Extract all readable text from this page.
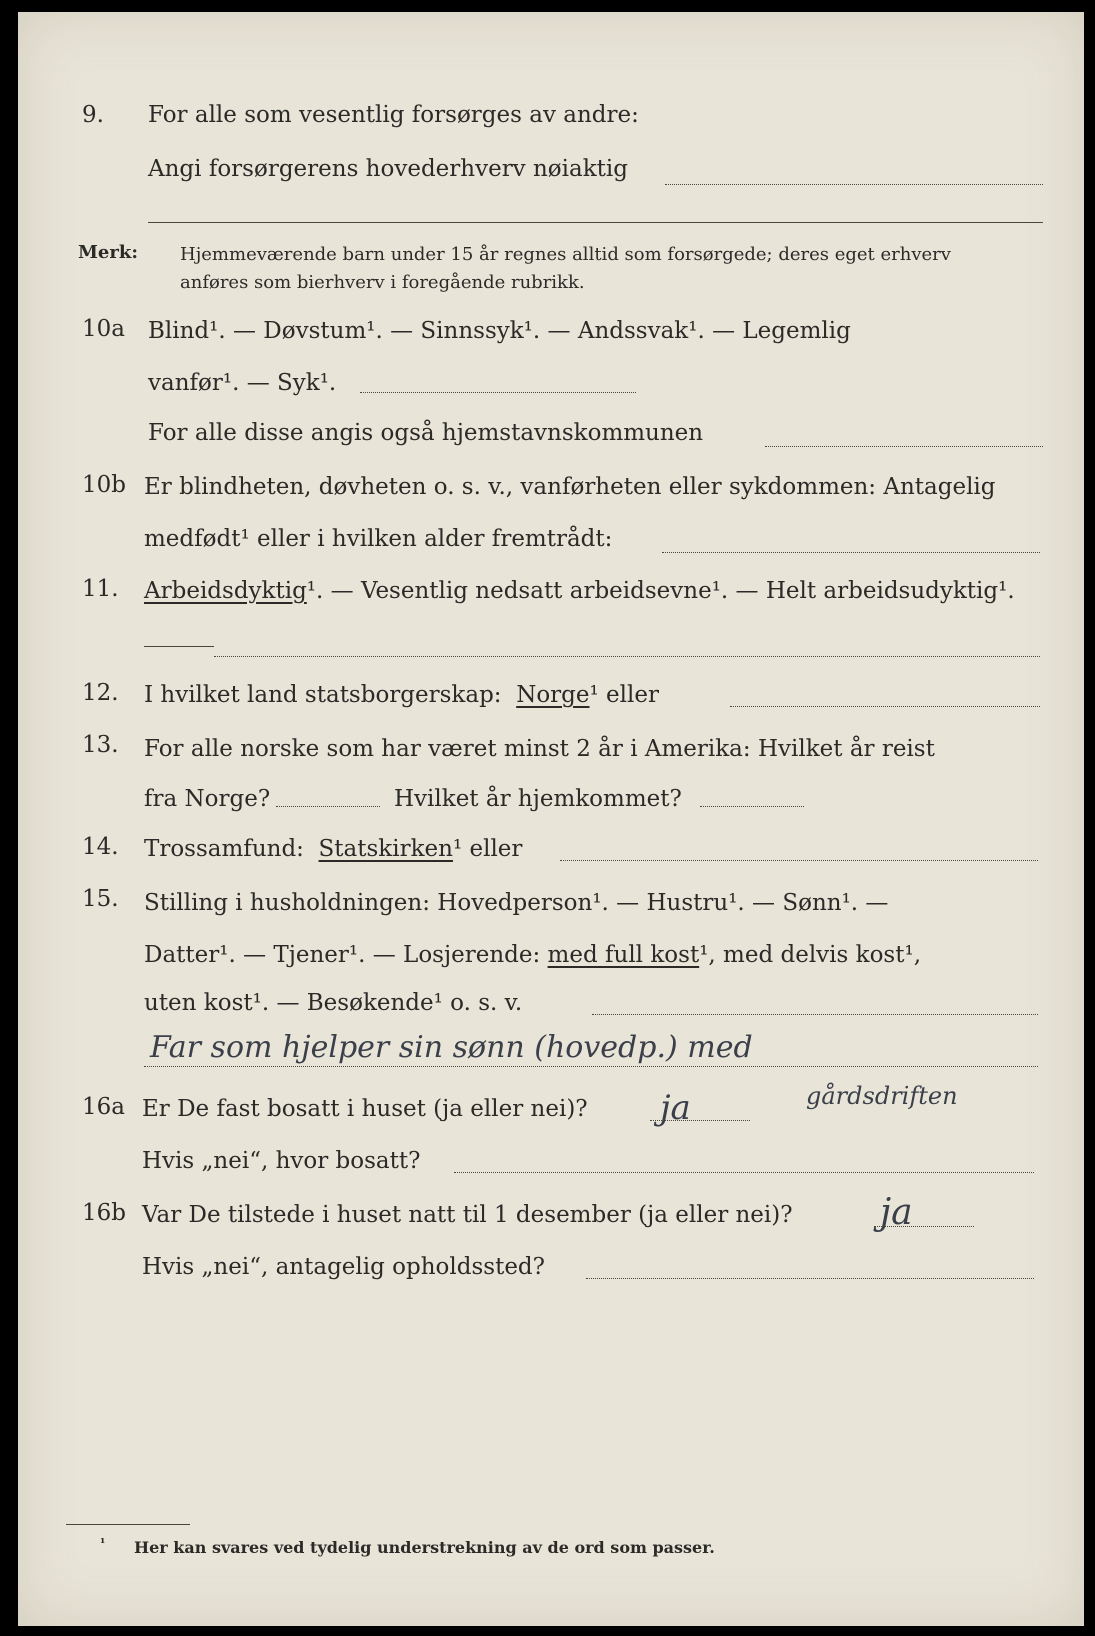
9. For alle som vesentlig forsørges av andre:
Angi forsørgerens hovederhverv nøiaktig
Merk: Hjemmeværende barn under 15 år regnes alltid som forsørgede; deres eget erhverv
anføres som bierhverv i foregående rubrikk.
10a Blind¹. — Døvstum¹. — Sinnssyk¹. — Andssvak¹. — Legemlig
vanfør¹. — Syk¹.
For alle disse angis også hjemstavnskommunen
10b Er blindheten, døvheten o. s. v., vanførheten eller sykdommen: Antagelig
medfødt¹ eller i hvilken alder fremtrådt:
11. Arbeidsdyktig¹. — Vesentlig nedsatt arbeidsevne¹. — Helt arbeidsudyktig¹.
12. I hvilket land statsborgerskap: Norge¹ eller
13. For alle norske som har været minst 2 år i Amerika: Hvilket år reist
fra Norge?	Hvilket år hjemkommet?
14. Trossamfund: Statskirken¹ eller
15. Stilling i husholdningen: Hovedperson¹. — Hustru¹. — Sønn¹. —
Datter¹. — Tjener¹. — Losjerende: med full kost¹, med delvis kost¹,
uten kost¹. — Besøkende¹ o. s. v.
Far som hjelper sin sønn (hovedp.) med
gårdsdriften
16a Er De fast bosatt i huset (ja eller nei)? ja
Hvis „nei“, hvor bosatt?
16b Var De tilstede i huset natt til 1 desember (ja eller nei)? ja
Hvis „nei“, antagelig opholdssted?
¹ Her kan svares ved tydelig understrekning av de ord som passer.
